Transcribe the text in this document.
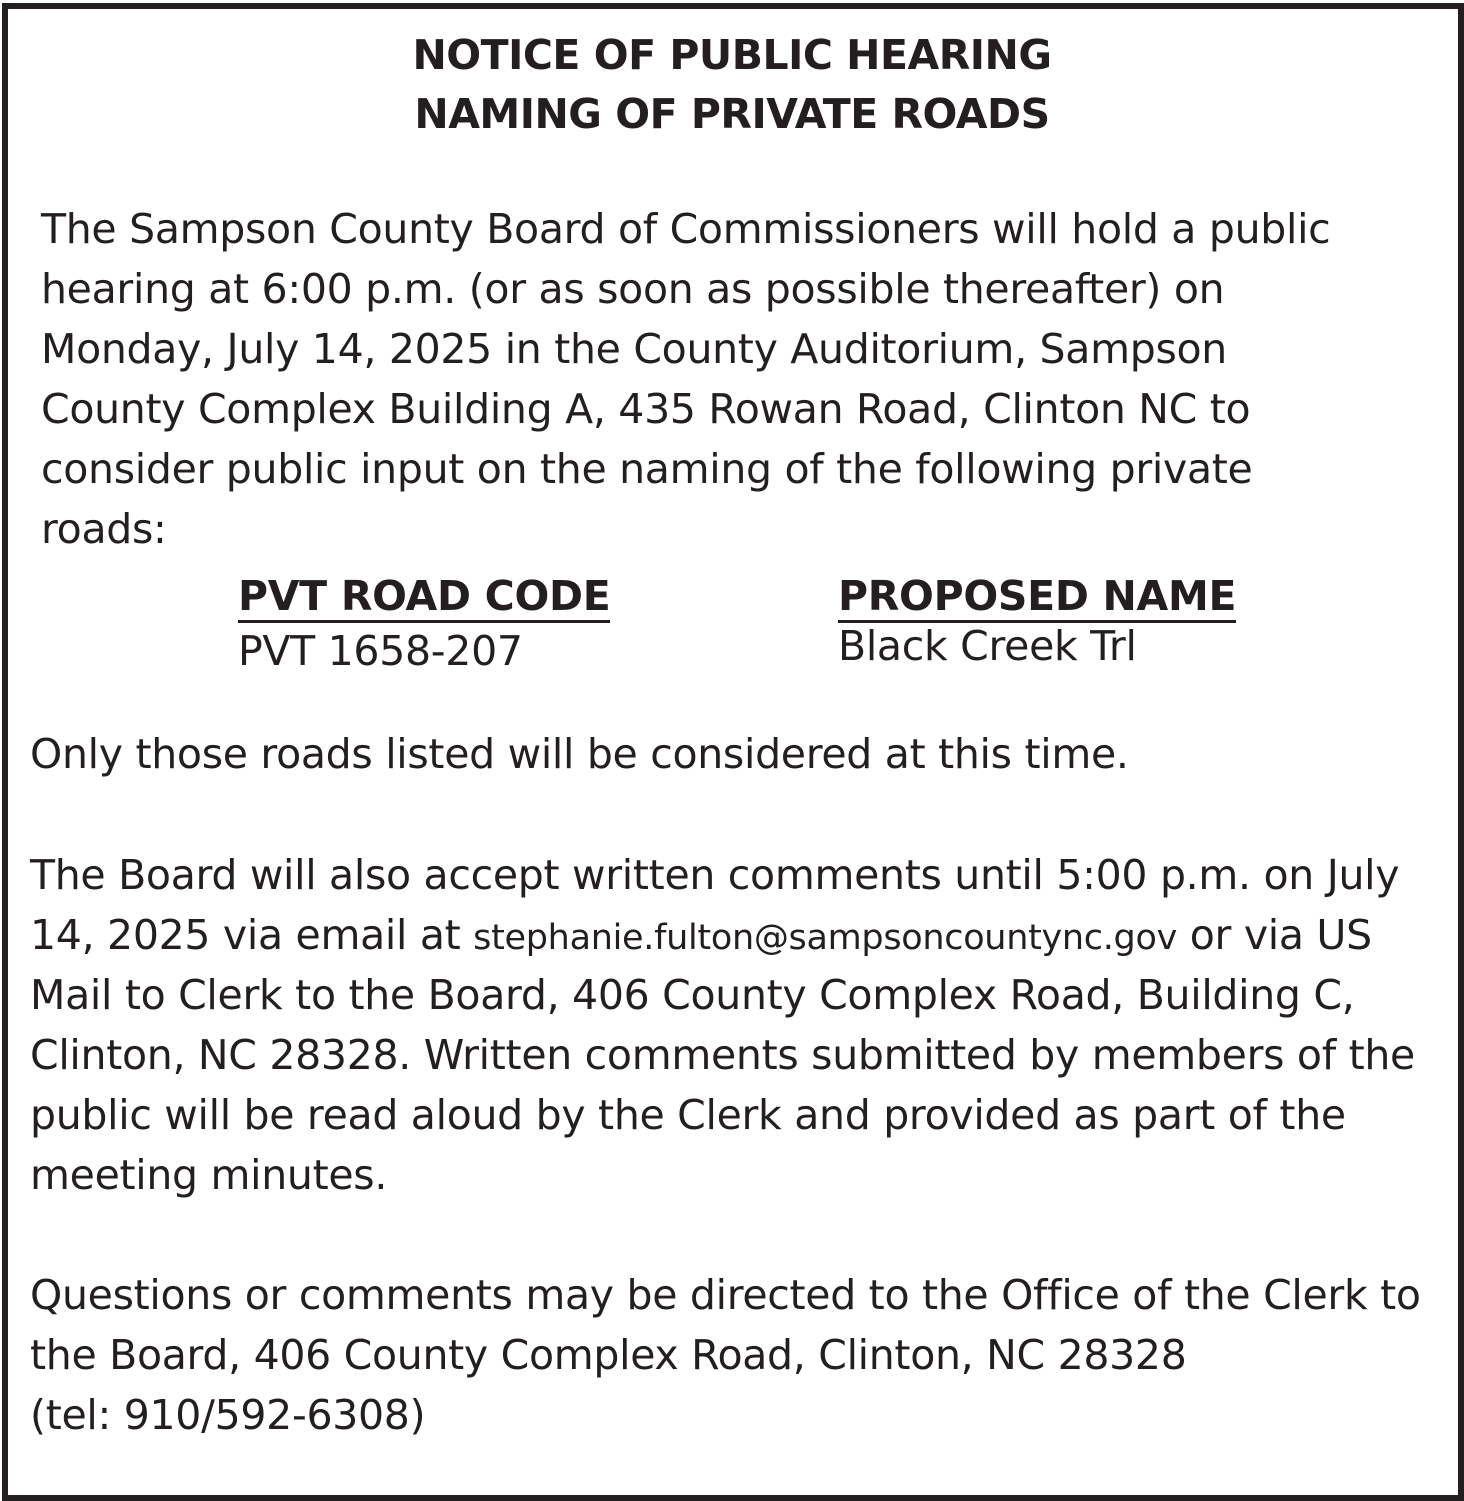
NOTICE OF PUBLIC HEARING
NAMING OF PRIVATE ROADS
The Sampson County Board of Commissioners will hold a public
hearing at 6:00 p.m. (or as soon as possible thereafter) on
Monday, July 14, 2025 in the County Auditorium, Sampson
County Complex Building A, 435 Rowan Road, Clinton NC to
consider public input on the naming of the following private
roads:
PVT ROAD CODE
PVT 1658-207
PROPOSED NAME
Black Creek Trl
Only those roads listed will be considered at this time.
The Board will also accept written comments until 5:00 p.m. on July
14, 2025 via email at stephanie.fulton@sampsoncountync.gov or via US
Mail to Clerk to the Board, 406 County Complex Road, Building C,
Clinton, NC 28328. Written comments submitted by members of the
public will be read aloud by the Clerk and provided as part of the
meeting minutes.
Questions or comments may be directed to the Office of the Clerk to
the Board, 406 County Complex Road, Clinton, NC 28328
(tel: 910/592-6308)
